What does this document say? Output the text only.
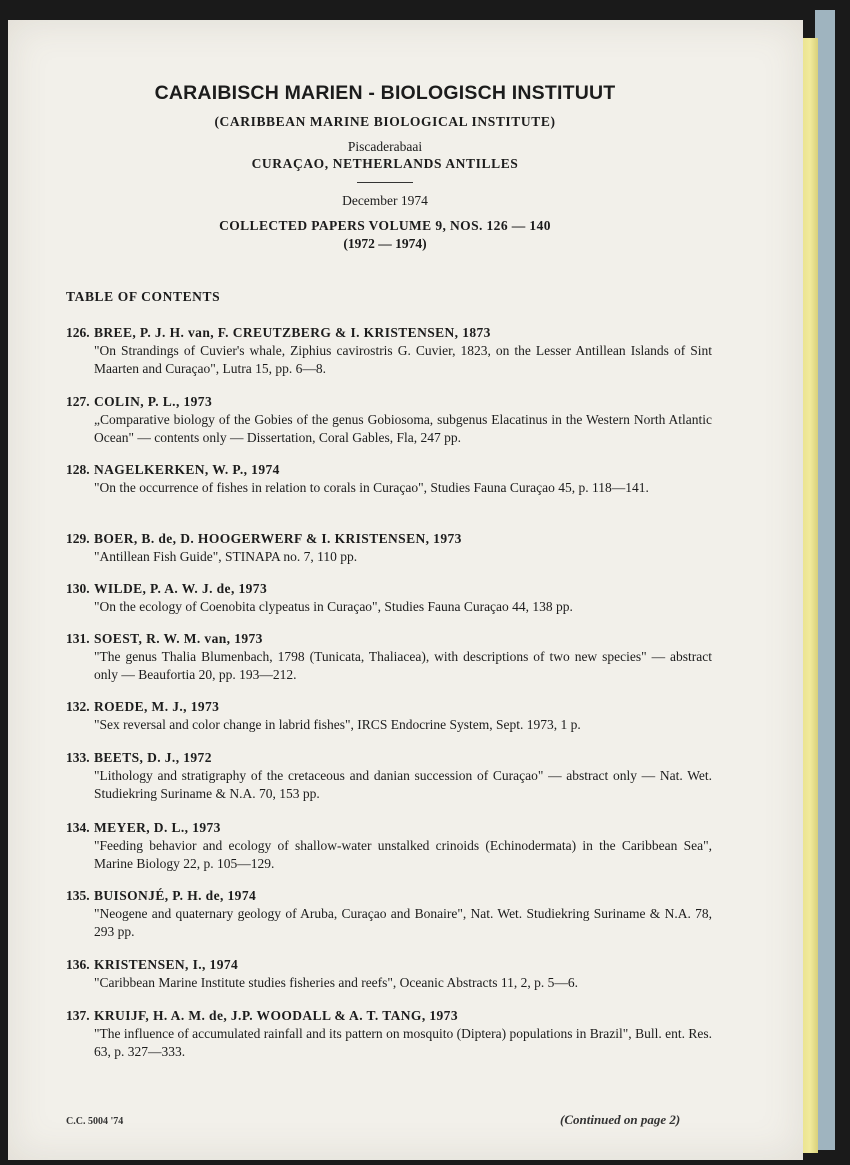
CARAIBISCH MARIEN - BIOLOGISCH INSTITUUT
(CARIBBEAN MARINE BIOLOGICAL INSTITUTE)
Piscaderabaai
CURAÇAO, NETHERLANDS ANTILLES
December 1974
COLLECTED PAPERS VOLUME 9, NOS. 126 — 140
(1972 — 1974)
TABLE OF CONTENTS
126. BREE, P. J. H. van, F. CREUTZBERG & I. KRISTENSEN, 1873
"On Strandings of Cuvier's whale, Ziphius cavirostris G. Cuvier, 1823, on the Lesser Antillean Islands of Sint Maarten and Curaçao", Lutra 15, pp. 6—8.
127. COLIN, P. L., 1973
„Comparative biology of the Gobies of the genus Gobiosoma, subgenus Elacatinus in the Western North Atlantic Ocean" — contents only — Dissertation, Coral Gables, Fla, 247 pp.
128. NAGELKERKEN, W. P., 1974
"On the occurrence of fishes in relation to corals in Curaçao", Studies Fauna Curaçao 45, p. 118—141.
129. BOER, B. de, D. HOOGERWERF & I. KRISTENSEN, 1973
"Antillean Fish Guide", STINAPA no. 7, 110 pp.
130. WILDE, P. A. W. J. de, 1973
"On the ecology of Coenobita clypeatus in Curaçao", Studies Fauna Curaçao 44, 138 pp.
131. SOEST, R. W. M. van, 1973
"The genus Thalia Blumenbach, 1798 (Tunicata, Thaliacea), with descriptions of two new species" — abstract only — Beaufortia 20, pp. 193—212.
132. ROEDE, M. J., 1973
"Sex reversal and color change in labrid fishes", IRCS Endocrine System, Sept. 1973, 1 p.
133. BEETS, D. J., 1972
"Lithology and stratigraphy of the cretaceous and danian succession of Curaçao" — abstract only — Nat. Wet. Studiekring Suriname & N.A. 70, 153 pp.
134. MEYER, D. L., 1973
"Feeding behavior and ecology of shallow-water unstalked crinoids (Echinodermata) in the Caribbean Sea", Marine Biology 22, p. 105—129.
135. BUISONJÉ, P. H. de, 1974
"Neogene and quaternary geology of Aruba, Curaçao and Bonaire", Nat. Wet. Studiekring Suriname & N.A. 78, 293 pp.
136. KRISTENSEN, I., 1974
"Caribbean Marine Institute studies fisheries and reefs", Oceanic Abstracts 11, 2, p. 5—6.
137. KRUIJF, H. A. M. de, J.P. WOODALL & A. T. TANG, 1973
"The influence of accumulated rainfall and its pattern on mosquito (Diptera) populations in Brazil", Bull. ent. Res. 63, p. 327—333.
C.C. 5004 '74	(Continued on page 2)
